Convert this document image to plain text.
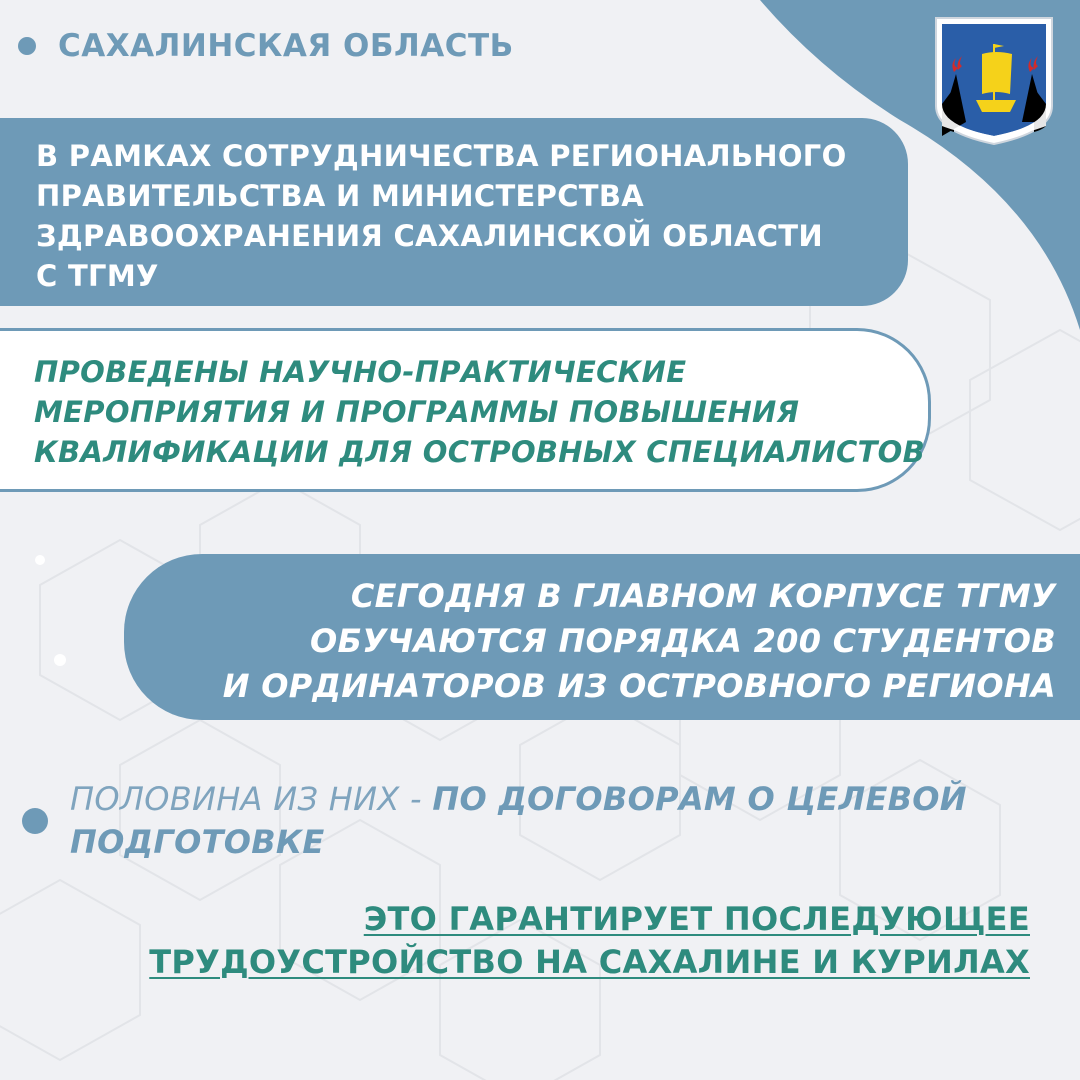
САХАЛИНСКАЯ ОБЛАСТЬ
В РАМКАХ СОТРУДНИЧЕСТВА РЕГИОНАЛЬНОГО
ПРАВИТЕЛЬСТВА И МИНИСТЕРСТВА
ЗДРАВООХРАНЕНИЯ САХАЛИНСКОЙ ОБЛАСТИ
С ТГМУ
ПРОВЕДЕНЫ НАУЧНО-ПРАКТИЧЕСКИЕ
МЕРОПРИЯТИЯ И ПРОГРАММЫ ПОВЫШЕНИЯ
КВАЛИФИКАЦИИ ДЛЯ ОСТРОВНЫХ СПЕЦИАЛИСТОВ
СЕГОДНЯ В ГЛАВНОМ КОРПУСЕ ТГМУ
ОБУЧАЮТСЯ ПОРЯДКА 200 СТУДЕНТОВ
И ОРДИНАТОРОВ ИЗ ОСТРОВНОГО РЕГИОНА
ПОЛОВИНА ИЗ НИХ - ПО ДОГОВОРАМ О ЦЕЛЕВОЙ ПОДГОТОВКЕ
ЭТО ГАРАНТИРУЕТ ПОСЛЕДУЮЩЕЕ
ТРУДОУСТРОЙСТВО НА САХАЛИНЕ И КУРИЛАХ
